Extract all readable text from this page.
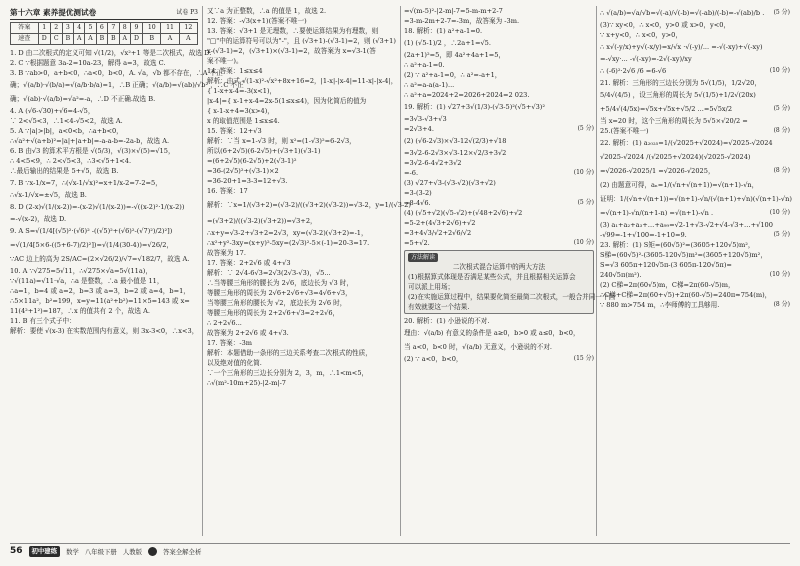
第十六章 素养提优测试卷	试卷 P3
答案	1	2	3	4	5	6	7	8	9	10	11	12
速查	D	C	B	A	A	B	B	A	D	B	A	A
1. D 由二次根式的定义可知 √(1/2)，√x²+1 等是二次根式，故选 D.
2. C ∵根据题意 3a-2=10a-23，解得 a=3，故选 C.
3. B ∵ab>0，a+b<0，∴a<0，b<0，A. √a，√b 都不存在，∴A 不正
确；√(a/b)·√(b/a)=√(a/b·b/a)=1，∴B 正确；√(a/b)=√(ab)/√b² ，∴C 不正
确；√(ab)·√(a/b)=√a²=-a，∴D 不正确.故选 B.
4. A (√6-√30)+√6=4-√5，
∵ 2<√5<3，∴1<4-√5<2，故选 A.
5. A ∵|a|>|b|，a<0<b，∴a+b<0，
∴√a²+√(a+b)²=|a|+|a+b|=-a-a-b=-2a-b，故选 A.
6. B 由√3 的算术平方根是 √(5/3)，√(3)×√(5)=√15，
∴ 4<5<9，∴ 2<√5<3，∴3<√5+1<4.
∴最后输出的结果是 5+√5，故选 B.
7. B ∵x-1/x=7，∴(√x-1/√x)²=x+1/x-2=7-2=5，
∴√x-1/√x=±√5，故选 B.
8. D (2-x)√(1/(x-2))=-(x-2)√(1/(x-2))=-√((x-2)²·1/(x-2))
=-√(x-2)，故选 D.
9. A S=√(1/4[(√5)²·(√6)² -((√5)²+(√6)²-(√7)²)/2)²])
=√(1/4[5×6-((5+6-7)/2)²])=√(1/4(30-4))=√26/2，
∵AC 边上的高为 2S/AC=(2×√26/2)/√7=√182/7，故选 A.
10. A ∵√275=5√11，∴√275×√a=5√(11a)，
∵√(11a)=√11·√a，∴a 是整数，∴a 最小值是 11，
∴a=1，b=4 或 a=2，b=3 或 a=3，b=2 或 a=4，b=1，
∴5×11a²，b²=199，x=y=11(a²+b²)=11×5=143 或 x=
11(4²+1²)=187，∴x 的值共有 2 个，故选 A.
11. B 有三个式子中：
解析：要使 √(x-3) 在实数范围内有意义，则 3x-3<0，∴x<3，
又∵a 为正整数，∴a 的值是 1，故选 2.
12. 答案：-√3(x+1)(答案不唯一)
13. 答案：√3+1 是无理数，∴要使运算结果为有理数，则
"□"中的运算符号可以为"-"，且 (√3+1)-(√3-1)=2，则 (√3+1)
x-(√3-1)=2，(√3+1)×(√3-1)=2，故答案为 x=√3-1(答
案不唯一)。
14. 答案：1≤x≤4
解析：由式 √(1-x)²-√x²+8x+16=2，|1-x|-|x-4|=11-x|-|x-4|，
{ 1-x+x-4=-3(x<1)，
|x-4|={ x-1+x-4=2x-5(1≤x≤4)，因为化简后的值为
{ x-1-x+4=3(x>4)，
x 的取值范围是 1≤x≤4.
15. 答案：12+√3
解析：∵当 x=1-√3 时，则 x²=(1-√3)²=6-2√3，
所以(6+2√5)(6-2√5)+(√3+1)(√3-1)
=(6+2√5)(6-2√5)+2(√3-1)²
=36-(2√5)²+(√3-1)×2
=36-20+1=3-3=12+√3.
16. 答案：17
解析：∵x=1/(√3+2)=(√3-2)/((√3+2)(√3-2))=√3-2，y=1/(√3-2)
=(√3+2)/((√3-2)(√3+2))=√3+2，
∴x+y=√3-2+√3+2=2√3，xy=(√3-2)(√3+2)=-1，
∴x²+y²-3xy=(x+y)²-5xy=(2√3)²-5×(-1)=20-3=17.
故答案为 17.
17. 答案：2+2√6 或 4+√3
解析：∵ 2√4-6√3=2√3(2√3-√3)，√5...
∴当等腰三角形的腰长为 2√6，底边长为 √3 时，
等腰三角形的周长为 2√6+2√6+√3=4√6+√3，
当等腰三角形的腰长为 √2，底边长为 2√6 时，
等腰三角形的周长为 2+2√6+√3=2+2√6，
∴ 2+2√6...
故答案为 2+2√6 或 4+√3.
17. 答案：-3m
解析：本题借助一条形的三边关系考查二次根式的性质，
以及绝对值的化简.
∵一个三角形的三边长分别为 2，3，m，∴1<m<5，
∴√(m²-10m+25)-|2-m|-7
=√(m-5)²-|2-m|-7=5-m-m+2-7
=3-m-2m+2-7=-3m，故答案为 -3m.
18. 解析：(1) a²+a-1=0.
(1) (√5-1)/2 ，∴2a+1=√5.
(2a+1)²=5，即 4a²+4a+1=5，
∴ a²+a-1=0.
(2) ∵ a²+a-1=0，∴ a²=-a+1，
∴ a²=a-a(a-1)...
∴ a²+a=2024+2=2026+2024=2 023.
19. 解析：(1) √27+3√(1/3)-(√3-5)²(√5+√3)²
=3√3-√3+√3
(5 分)
=2√3+4.
(2) (√6-2√3)×√3-12√(2/3)+√18
=3√2-6-2√3×√3-12×√2/3+3√2
=3√2-6-4√2+3√2
(10 分)
=-6.
(3) √27+√3-(√3-√2)(√3+√2)
=3-(3-2)
(5 分)
=8-4√6.
(4) (√5+√2)(√5-√2)+(√48+2√6)+√2
=5-2+(4√3+2√6)+√2
=3+4√3/√2+2√6/√2
(10 分)
=5+√2.
方法解读
二次根式混合运算中的两大方法
(1)根据算式体现是否满足某些公式，并且根据相关运算会
可以派上用场；
(2)在实施运算过程中，结果要化简至最简二次根式，一般合并同一个因
有效就要这一个结果.
20. 解析：(1) 小逊说的不对.
理由：√(a/b) 有意义的条件是 a≥0，b>0 或 a≤0，b<0，
当 a<0，b<0 时，√(a/b) 无意义，小逊说的不对.
(15 分)
(2) ∵ a<0，b<0，
(5 分)
∴ √(a/b)=√a/√b=√(-a)/√(-b)=√(-ab)/(-b)=-√(ab)/b .
(3)∵ xy<0，∴ x<0，y>0 或 x>0，y<0，
∵ x+y<0，∴ x<0，y>0，
∴ x√(-y/x)+y√(-x/y)=x/√x ·√(-y)/... =-√(-xy)+√(-xy)
=-√xy·... -√(-xy)=-2√(-xy)/xy
(10 分)
∴ (-6)²·2√6 /6 =6-√6
21. 解析：三角形的三边长分别为 5√(1/5)，1/2√20，
5/4√(4/5) ，设三角形的周长为 5√(1/5)+1/2√(20x)
(5 分)
+5/4√(4/5x)=√5x+√5x+√5/2 ...=5√5x/2
当 x=20 时，这个三角形的周长为 5√5×√20/2 =
(8 分)
25.(答案不唯一)
22. 解析：(1) a₂₀₂₅=1/(√2025+√2024)=√2025-√2024
√2025-√2024 /(√2025+√2024)(√2025-√2024)
(8 分)
=√2026-√2025/1 =√2026-√2025，
(2) 由题意可得，aₙ=1/(√n+√(n+1))=√(n+1)-√n，
证明：1/(√n+√(n+1))=√(n+1)-√n/(√(n+1)+√n)(√(n+1)-√n)
(10 分)
=√(n+1)-√n/(n+1-n) =√(n+1)-√n .
(3) a₁+a₂+a₃+…+a₉₉=√2-1+√3-√2+√4-√3+…+√100
(5 分)
-√99=-1+√100=-1+10=9.
23. 解析：(1) S矩=(60√5)²=(3605+120√5)m²，
S梯=(60√5)²-(3605-120√5)m²=(3605+120√5)m²，
S=√3 605π+120√5π-(3 605π-120√5π)=
(10 分)
240√5π(m²).
(2) C梯=2π(60√5)m，C梯=2π(60-√5)m，
∴C梯+C梯=2π(60+√5)+2π(60-√5)=240π≈754(m)，
(8 分)
∵ 880 m>754 m，∴李师傅的工具够用.
56	初中建练	数学 八年级下册 人教版	答案全解全析
